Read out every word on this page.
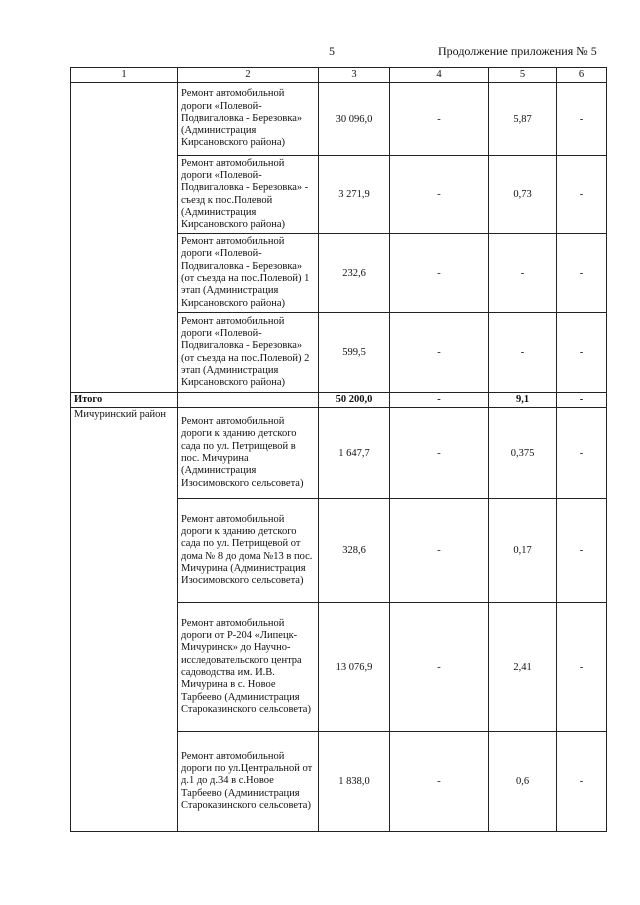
5	Продолжение приложения № 5
1	2	3	4	5	6
	Ремонт автомобильной дороги «Полевой-Подвигаловка - Березовка» (Администрация Кирсановского района)	30 096,0	-	5,87	-
	Ремонт автомобильной дороги «Полевой-Подвигаловка - Березовка» - съезд к пос.Полевой (Администрация Кирсановского района)	3 271,9	-	0,73	-
	Ремонт автомобильной дороги «Полевой-Подвигаловка - Березовка» (от съезда на пос.Полевой) 1 этап (Администрация Кирсановского района)	232,6	-	-	-
	Ремонт автомобильной дороги «Полевой-Подвигаловка - Березовка» (от съезда на пос.Полевой) 2 этап (Администрация Кирсановского района)	599,5	-	-	-
Итого		50 200,0	-	9,1	-
Мичуринский район	Ремонт автомобильной дороги к зданию детского сада по ул. Петрищевой в пос. Мичурина (Администрация Изосимовского сельсовета)	1 647,7	-	0,375	-
	Ремонт автомобильной дороги к зданию детского сада по ул. Петрищевой от дома № 8 до дома №13 в пос. Мичурина (Администрация Изосимовского сельсовета)	328,6	-	0,17	-
	Ремонт автомобильной дороги от Р-204 «Липецк-Мичуринск» до Научно-исследовательского центра садоводства им. И.В. Мичурина в с. Новое Тарбеево (Администрация Староказинского сельсовета)	13 076,9	-	2,41	-
	Ремонт автомобильной дороги по ул.Центральной от д.1 до д.34 в с.Новое Тарбеево (Администрация Староказинского сельсовета)	1 838,0	-	0,6	-
